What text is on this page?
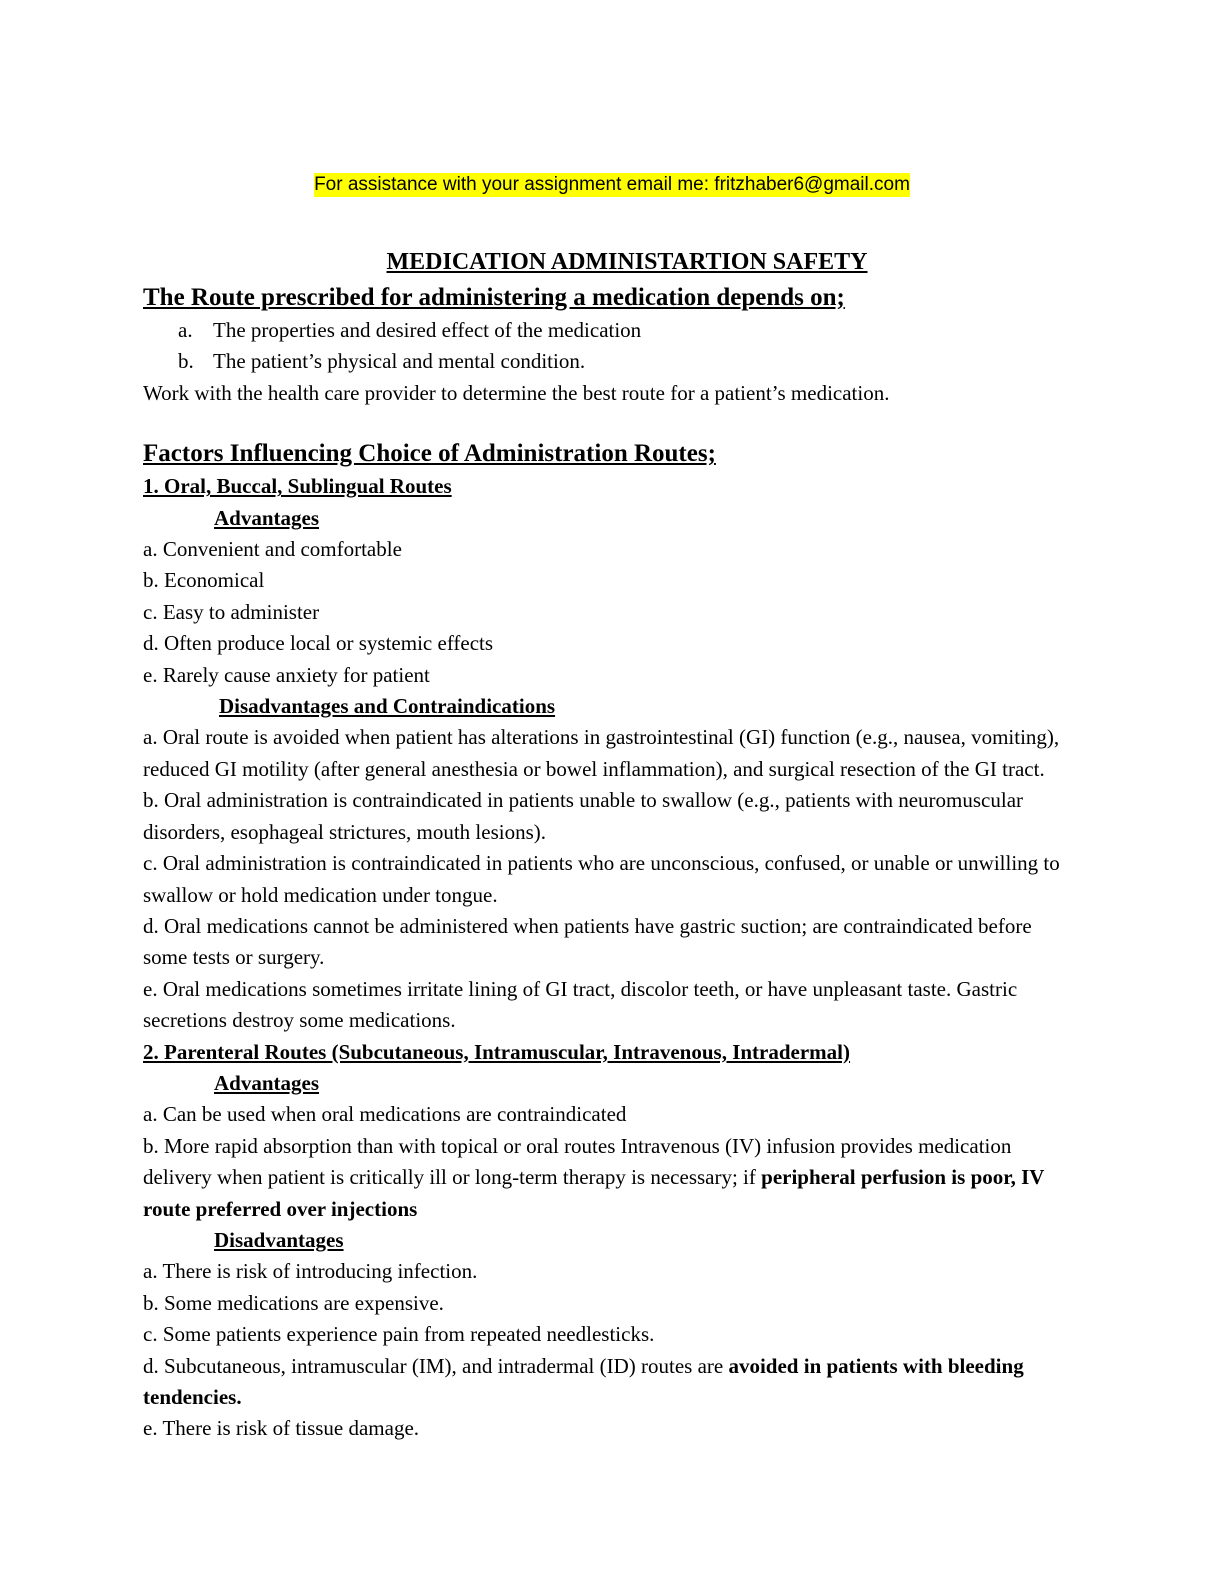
For assistance with your assignment email me: fritzhaber6@gmail.com
MEDICATION ADMINISTARTION SAFETY
The Route prescribed for administering a medication depends on;
a. The properties and desired effect of the medication
b. The patient’s physical and mental condition.

Work with the health care provider to determine the best route for a patient’s medication.

Factors Influencing Choice of Administration Routes;
1. Oral, Buccal, Sublingual Routes
Advantages

a. Convenient and comfortable

b. Economical

c. Easy to administer

d. Often produce local or systemic effects

e. Rarely cause anxiety for patient

Disadvantages and Contraindications

a. Oral route is avoided when patient has alterations in gastrointestinal (GI) function (e.g., nausea, vomiting), reduced GI motility (after general anesthesia or bowel inflammation), and surgical resection of the GI tract.

b. Oral administration is contraindicated in patients unable to swallow (e.g., patients with neuromuscular disorders, esophageal strictures, mouth lesions).

c. Oral administration is contraindicated in patients who are unconscious, confused, or unable or unwilling to swallow or hold medication under tongue.

d. Oral medications cannot be administered when patients have gastric suction; are contraindicated before some tests or surgery.

e. Oral medications sometimes irritate lining of GI tract, discolor teeth, or have unpleasant taste. Gastric secretions destroy some medications.

2. Parenteral Routes (Subcutaneous, Intramuscular, Intravenous, Intradermal)
Advantages

a. Can be used when oral medications are contraindicated

b. More rapid absorption than with topical or oral routes Intravenous (IV) infusion provides medication delivery when patient is critically ill or long-term therapy is necessary; if peripheral perfusion is poor, IV route preferred over injections

Disadvantages

a. There is risk of introducing infection.

b. Some medications are expensive.

c. Some patients experience pain from repeated needlesticks.

d. Subcutaneous, intramuscular (IM), and intradermal (ID) routes are avoided in patients with bleeding tendencies.

e. There is risk of tissue damage.
